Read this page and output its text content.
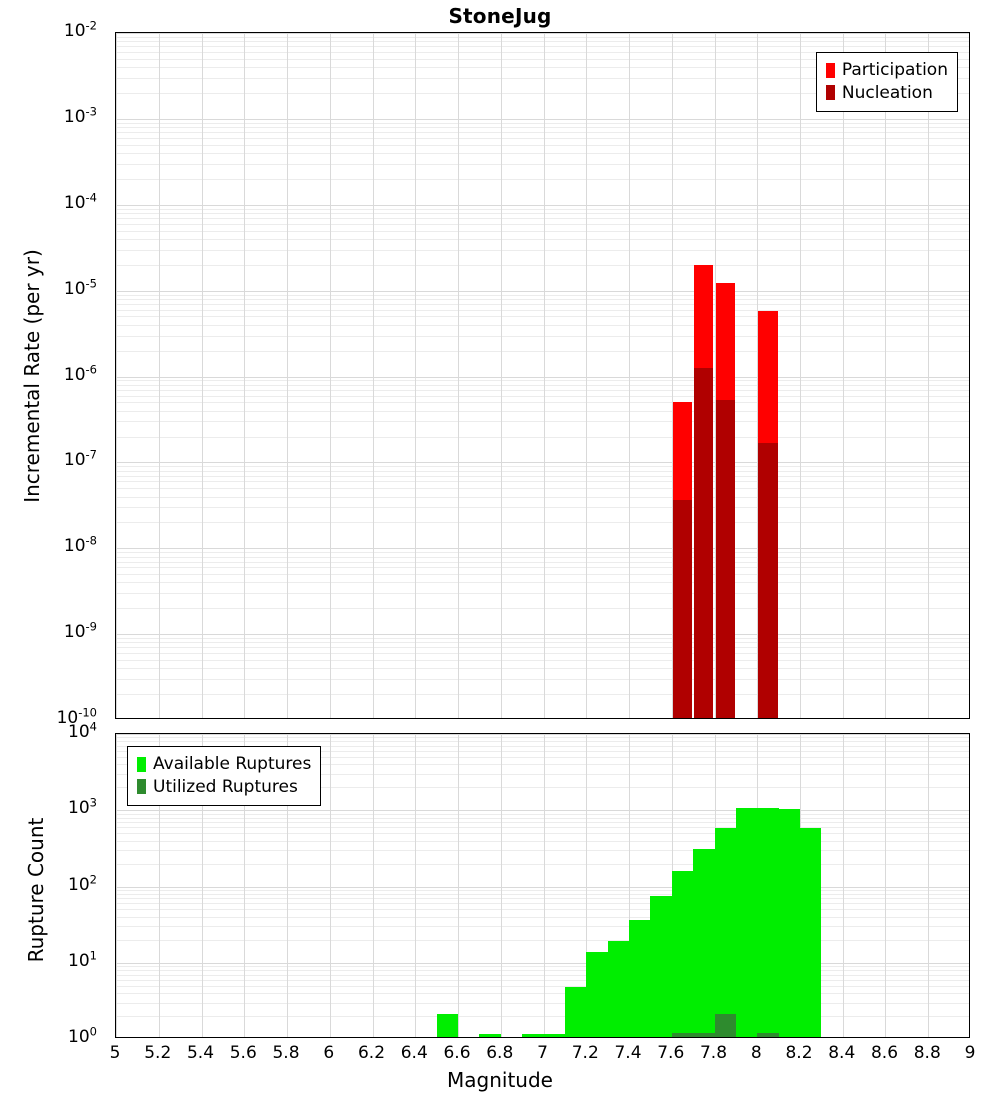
StoneJug
Participation
Nucleation
$10^{-10}$
$10^{-9}$
$10^{-8}$
$10^{-7}$
$10^{-6}$
$10^{-5}$
$10^{-4}$
$10^{-3}$
$10^{-2}$
Incremental Rate (per yr)
Available Ruptures
Utilized Ruptures
$10^0$
$10^1$
$10^2$
$10^3$
$10^4$
Rupture Count
5 5.2 5.4 5.6 5.8 6 6.2 6.4 6.6 6.8 7 7.2 7.4 7.6 7.8 8 8.2 8.4 8.6 8.8 9
Magnitude
